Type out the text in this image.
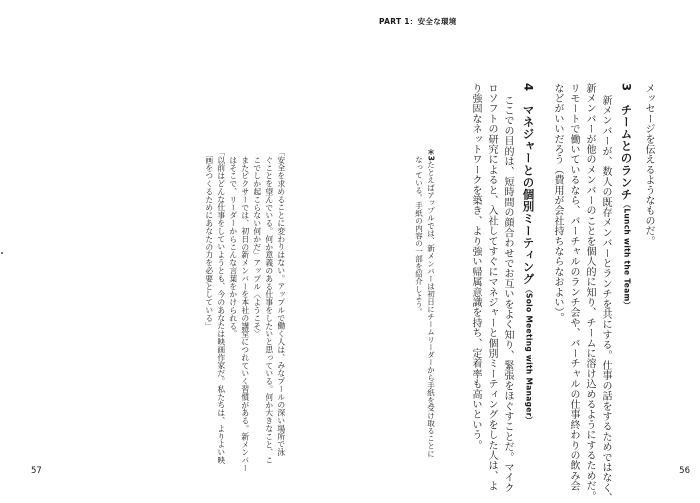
「安全を求めることに変わりはない。アップルで働く人は、みなプールの深い場所で泳
ぐことを望んでいる。何か意義のある仕事をしたいと思っている。何か大きなこと、こ
こでしか起こらない何かだ」アップル〈ようこそ〉
またピクサーでは、初日の新メンバーを本社の講堂につれていく習慣がある。新メンバー
はそこで、リーダーからこんな言葉をかけられる。
「以前はどんな仕事をしていようとも、今のあなたは映画作家だ。私たちは、よりよい映
画をつくるためにあなたの力を必要としている」
57
PART 1：安全な環境
メッセージを伝えるようなものだ。
3　チームとのランチ（Lunch with the Team）
新メンバーが、数人の既存メンバーとランチを共にする。仕事の話をするためではなく、
新メンバーが他のメンバーのことを個人的に知り、チームに溶け込めるようにするためだ。
リモートで働いているなら、バーチャルのランチ会や、バーチャルの仕事終わりの飲み会
などがいいだろう（費用が会社持ちならなおよい）。
4　マネジャーとの個別ミーティング（Solo Meeting with Manager）
ここでの目的は、短時間の顔合わせでお互いをよく知り、緊張をほぐすことだ。マイク
ロソフトの研究によると、入社してすぐにマネジャーと個別ミーティングをした人は、よ
り強固なネットワークを築き、より強い帰属意識を持ち、定着率も高いという。
＊3たとえばアップルでは、新メンバーは初日にチームリーダーから手紙を受け取ることに
なっている。手紙の内容の一部を紹介しよう。
56
